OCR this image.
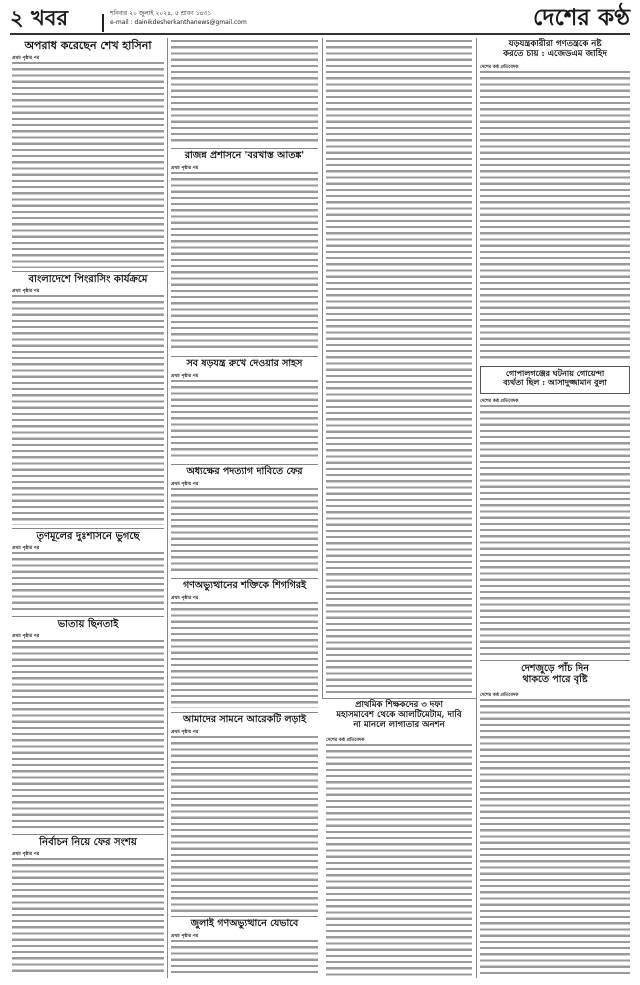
২ খবর	শনিবার ২০ জুলাই ২০২৪, ৫ শ্রাবণ ১৪৩১
e-mail : dainikdesherkanthanews@gmail.com	দেশের কণ্ঠ
অপরাধ করেছেন শেখ হাসিনা
প্রথম পৃষ্ঠার পর
বাংলাদেশে পিংরাসিং কার্যক্রমে
প্রথম পৃষ্ঠার পর
তৃণমূলের দুঃশাসনে ভুগছে
প্রথম পৃষ্ঠার পর
ভাতায় ছিনতাই
প্রথম পৃষ্ঠার পর
নির্বাচন নিয়ে ফের সংশয়
প্রথম পৃষ্ঠার পর
রাজন্ন প্রশাসনে 'বরখাস্ত আতঙ্ক'
প্রথম পৃষ্ঠার পর
সব ষড়যন্ত্র রুখে দেওয়ার সাহস
প্রথম পৃষ্ঠার পর
অধ্যক্ষের পদত্যাগ দাবিতে ফের
প্রথম পৃষ্ঠার পর
গণঅভ্যুত্থানের শক্তিকে শিগগিরই
প্রথম পৃষ্ঠার পর
আমাদের সামনে আরেকটি লড়াই
প্রথম পৃষ্ঠার পর
জুলাই গণঅভ্যুত্থানে যেভাবে
প্রথম পৃষ্ঠার পর
প্রাথমিক শিক্ষকদের ৩ দফা
মহাসমাবেশ থেকে আলটিমেটাম, দাবি
না মানলে লাগাতার অনশন
দেশের কণ্ঠ প্রতিবেদক
যড়যন্ত্রকারীরা গণতন্ত্রকে নষ্ট
করতে চায় : এজেডএম জাহিদ
দেশের কণ্ঠ প্রতিবেদক
গোপালগঞ্জের ঘটনায় গোয়েন্দা
ব্যর্থতা ছিল : আসাদুজ্জামান বুলা
দেশের কণ্ঠ প্রতিবেদক
দেশজুড়ে পাঁচ দিন
থাকতে পারে বৃষ্টি
দেশের কণ্ঠ প্রতিবেদক
